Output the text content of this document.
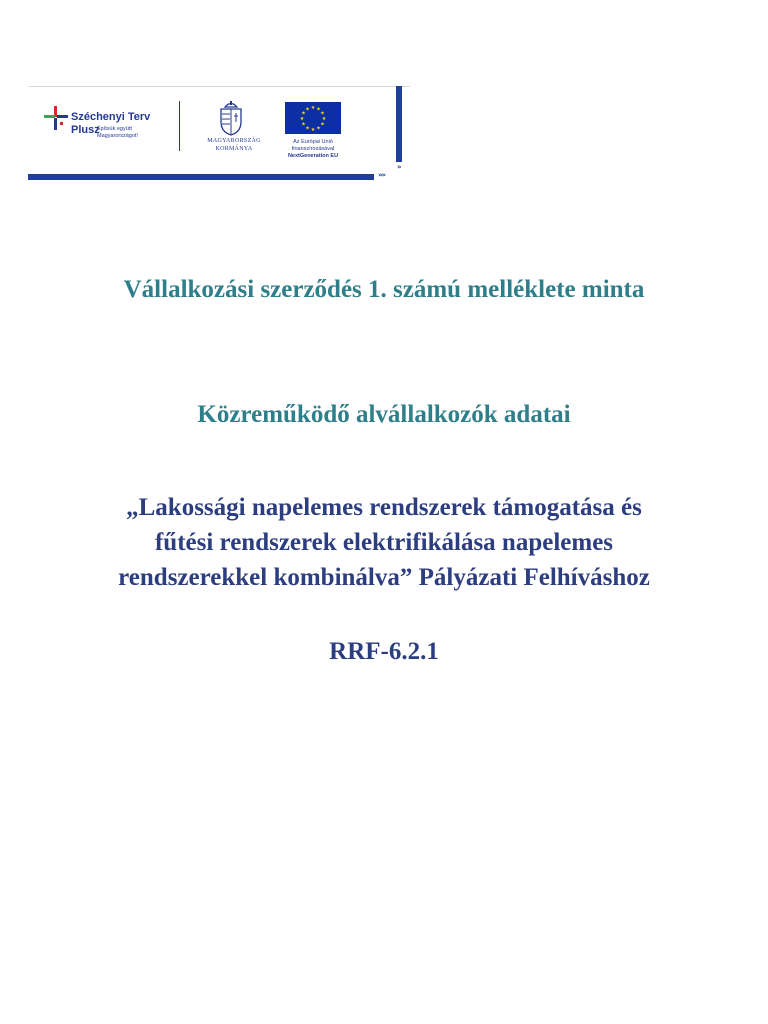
Széchenyi Terv
Plusz
Építsük együtt Magyarországot!
MAGYARORSZÁG
KORMÁNYA
★ ★
★
★
★
★
★
★
★
★
★
★
Az Európai Unió
finanszírozásával
NextGeneration EU
»
»»
Vállalkozási szerződés 1. számú melléklete minta
Közreműködő alvállalkozók adatai
„Lakossági napelemes rendszerek támogatása és fűtési rendszerek elektrifikálása napelemes rendszerekkel kombinálva” Pályázati Felhíváshoz
RRF-6.2.1
